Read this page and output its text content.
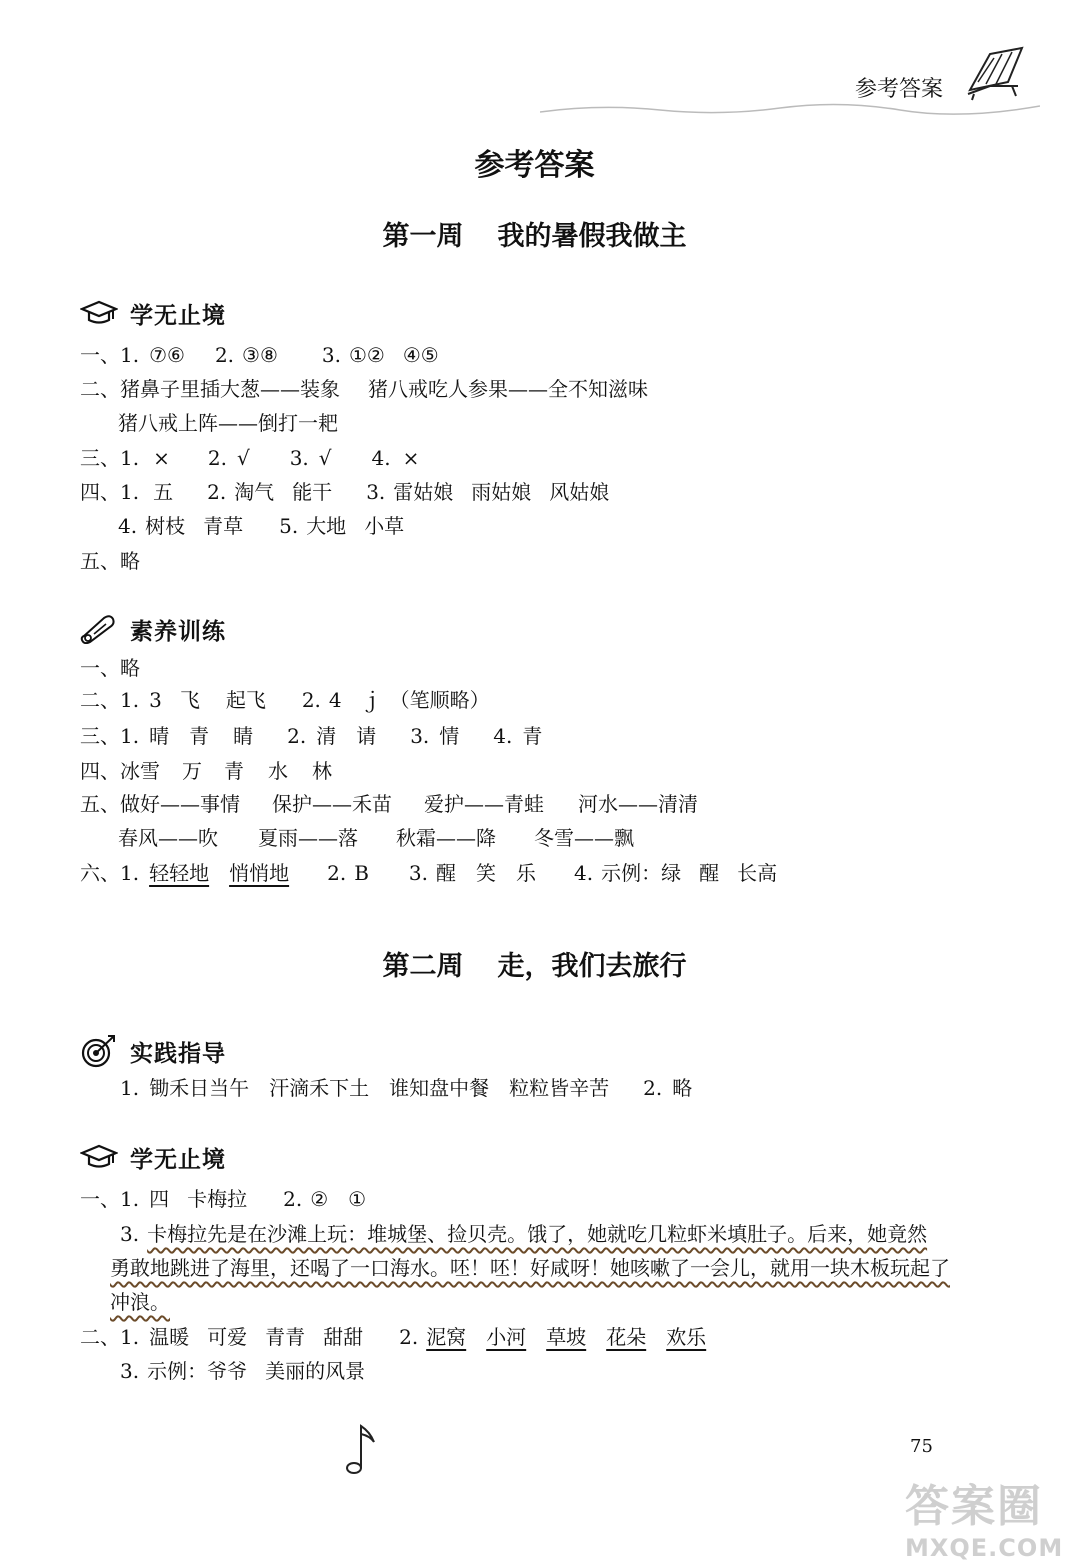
参考答案
参考答案
第一周 我的暑假我做主
学无止境
一、1. ⑦⑥ 2. ③⑧ 3. ①② ④⑤
二、猪鼻子里插大葱——装象 猪八戒吃人参果——全不知滋味
猪八戒上阵——倒打一耙
三、1. × 2. √ 3. √ 4. ×
四、1. 五 2. 淘气 能干 3. 雷姑娘 雨姑娘 风姑娘
4. 树枝 青草 5. 大地 小草
五、略
素养训练
一、略
二、1. 3 飞 起飞 2. 4 ｊ （笔顺略）
三、1. 晴 青 睛 2. 清 请 3. 情 4. 青
四、冰雪 万 青 水 林
五、做好——事情 保护——禾苗 爱护——青蛙 河水——清清
春风——吹 夏雨——落 秋霜——降 冬雪——飘
六、1. 轻轻地 悄悄地 2. B 3. 醒 笑 乐 4. 示例：绿 醒 长高
第二周 走，我们去旅行
实践指导
1. 锄禾日当午 汗滴禾下土 谁知盘中餐 粒粒皆辛苦 2. 略
学无止境
一、1. 四 卡梅拉 2. ② ①
3. 卡梅拉先是在沙滩上玩：堆城堡、捡贝壳。饿了，她就吃几粒虾米填肚子。后来，她竟然
勇敢地跳进了海里，还喝了一口海水。呸！呸！好咸呀！她咳嗽了一会儿，就用一块木板玩起了
冲浪。
二、1. 温暖 可爱 青青 甜甜 2. 泥窝 小河 草坡 花朵 欢乐
3. 示例：爷爷 美丽的风景
75
答案圈
MXQE.COM
